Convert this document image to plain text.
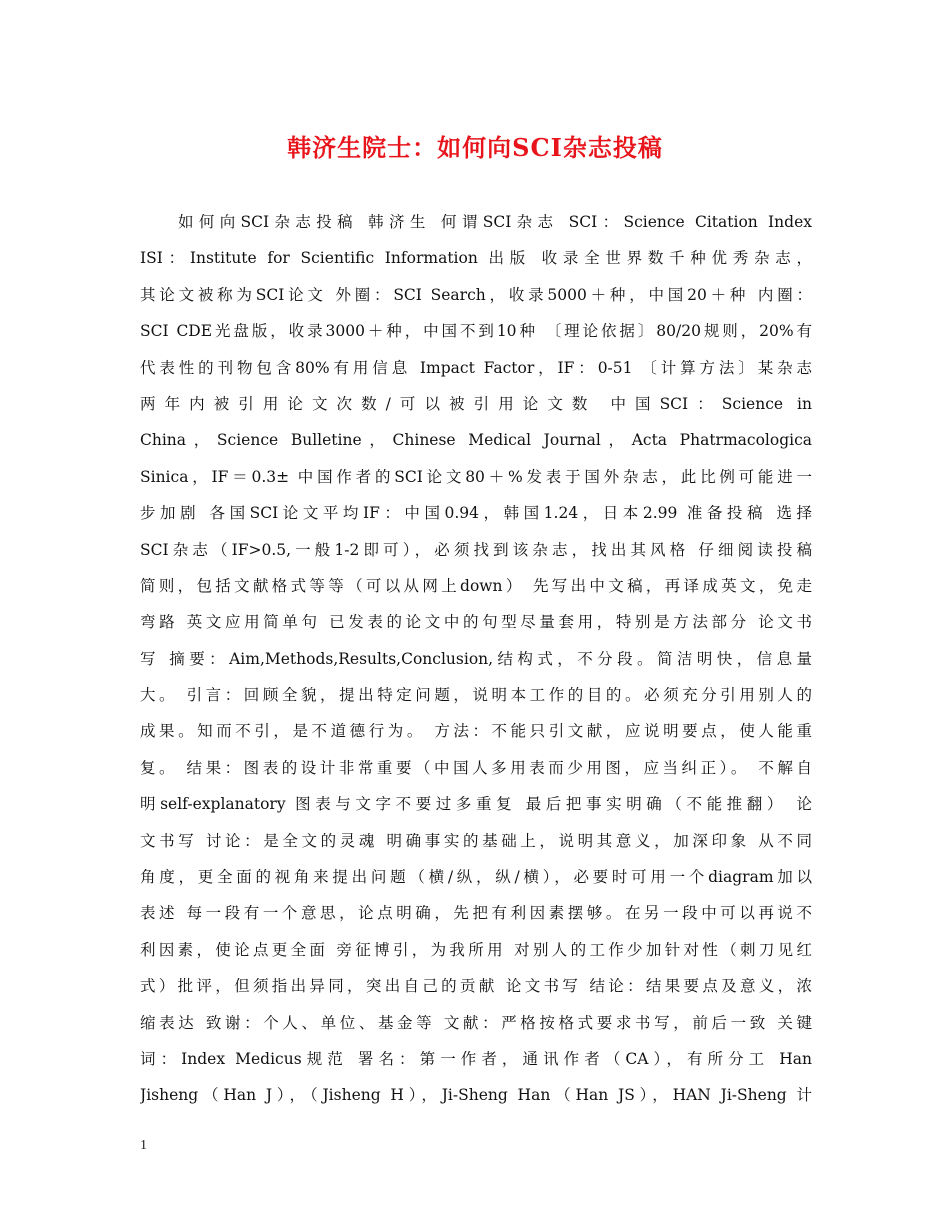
韩济生院士：如何向SCI杂志投稿
如何向SCI杂志投稿 韩济生 何谓SCI杂志 SCI：Science Citation Index
ISI：Institute for Scientific Information 出版 收录全世界数千种优秀杂志，
其论文被称为SCI论文 外圈：SCI Search，收录5000＋种，中国20＋种 内圈：
SCI CDE光盘版，收录3000＋种，中国不到10种 〔理论依据〕80/20规则，20%有
代表性的刊物包含80%有用信息 Impact Factor，IF：0-51 〔计算方法〕某杂志
两年内被引用论文次数/可以被引用论文数 中国SCI：Science in
China，Science Bulletine，Chinese Medical Journal，Acta Phatrmacologica
Sinica，IF＝0.3± 中国作者的SCI论文80＋%发表于国外杂志，此比例可能进一
步加剧 各国SCI论文平均IF：中国0.94，韩国1.24，日本2.99 准备投稿 选择
SCI杂志（IF>0.5,一般1-2即可），必须找到该杂志，找出其风格 仔细阅读投稿
简则，包括文献格式等等（可以从网上down） 先写出中文稿，再译成英文，免走
弯路 英文应用简单句 已发表的论文中的句型尽量套用，特别是方法部分 论文书
写 摘要：Aim,Methods,Results,Conclusion,结构式，不分段。简洁明快，信息量
大。 引言：回顾全貌，提出特定问题，说明本工作的目的。必须充分引用别人的
成果。知而不引，是不道德行为。 方法：不能只引文献，应说明要点，使人能重
复。 结果：图表的设计非常重要（中国人多用表而少用图，应当纠正）。 不解自
明self-explanatory 图表与文字不要过多重复 最后把事实明确（不能推翻） 论
文书写 讨论：是全文的灵魂 明确事实的基础上，说明其意义，加深印象 从不同
角度，更全面的视角来提出问题（横/纵，纵/横），必要时可用一个diagram加以
表述 每一段有一个意思，论点明确，先把有利因素摆够。在另一段中可以再说不
利因素，使论点更全面 旁征博引，为我所用 对别人的工作少加针对性（刺刀见红
式）批评，但须指出异同，突出自己的贡献 论文书写 结论：结果要点及意义，浓
缩表达 致谢：个人、单位、基金等 文献：严格按格式要求书写，前后一致 关键
词：Index Medicus规范 署名：第一作者，通讯作者（CA），有所分工 Han
Jisheng（Han J），（Jisheng H），Ji-Sheng Han（Han JS），HAN Ji-Sheng 计
1
